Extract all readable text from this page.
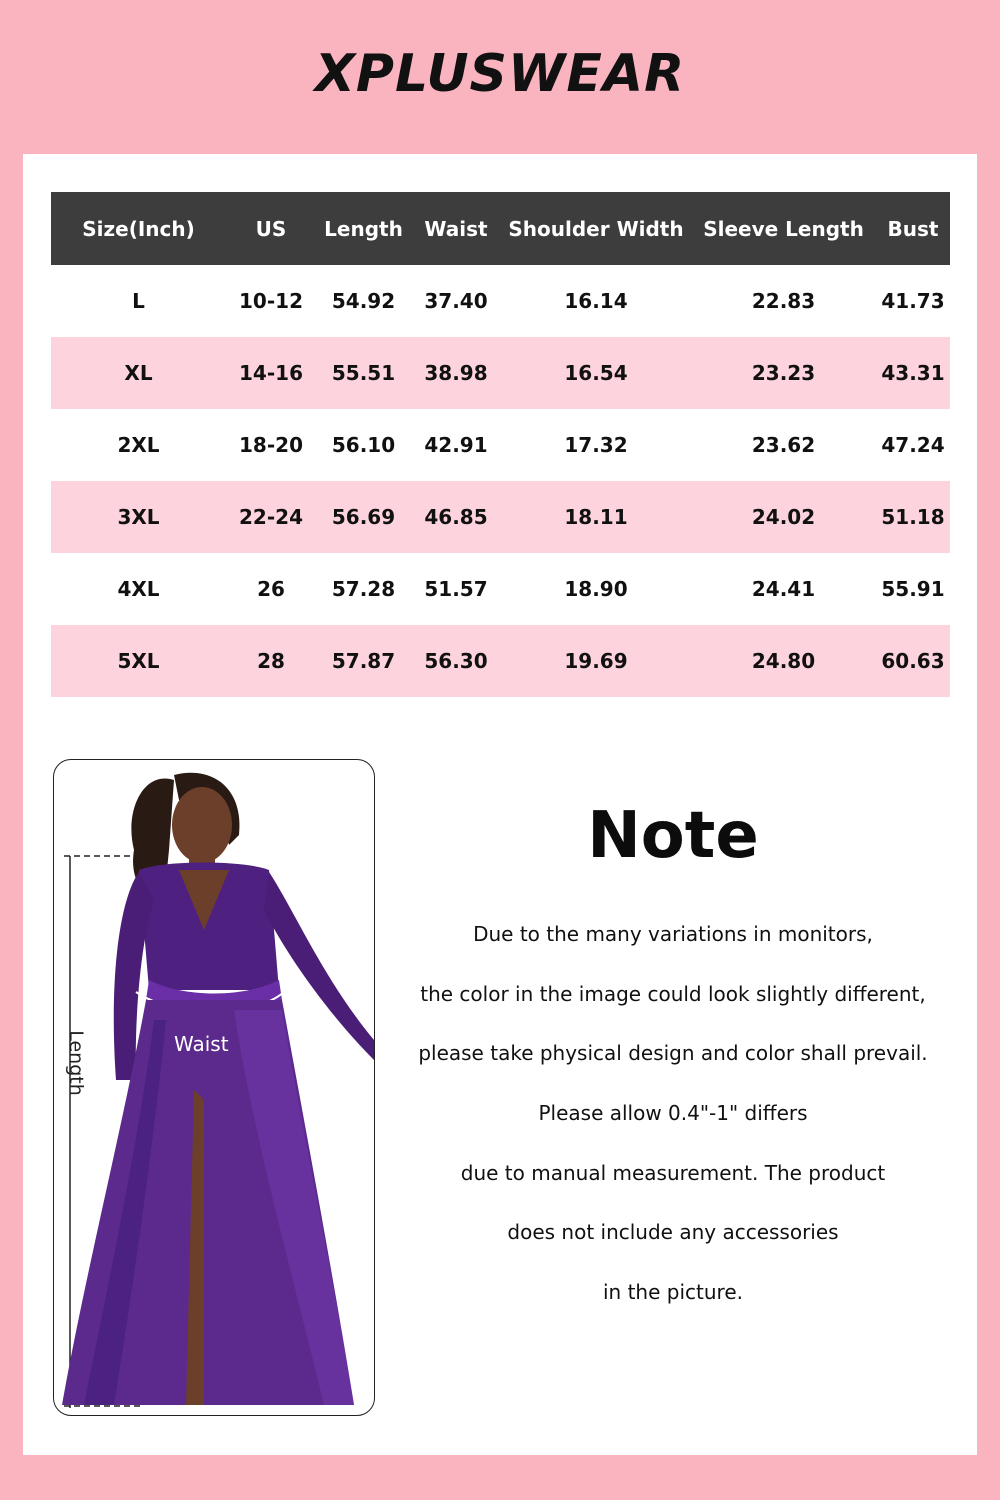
XPLUSWEAR
Size(Inch)	US	Length	Waist	Shoulder Width	Sleeve Length	Bust
L	10-12	54.92	37.40	16.14	22.83	41.73
XL	14-16	55.51	38.98	16.54	23.23	43.31
2XL	18-20	56.10	42.91	17.32	23.62	47.24
3XL	22-24	56.69	46.85	18.11	24.02	51.18
4XL	26	57.28	51.57	18.90	24.41	55.91
5XL	28	57.87	56.30	19.69	24.80	60.63
Waist
Length
Note
Due to the many variations in monitors,
the color in the image could look slightly different,
please take physical design and color shall prevail.
Please allow 0.4"-1" differs
due to manual measurement. The product
does not include any accessories
in the picture.
